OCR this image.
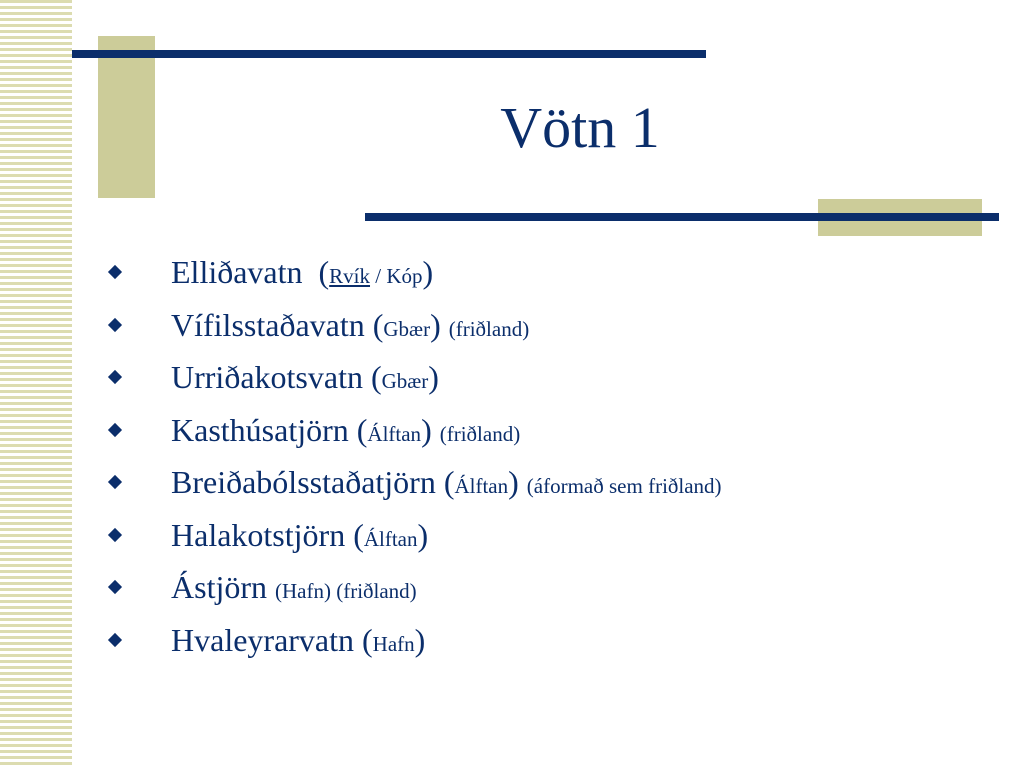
Vötn 1
Elliðavatn  (Rvík / Kóp)
Vífilsstaðavatn (Gbær) (friðland)
Urriðakotsvatn (Gbær)
Kasthúsatjörn (Álftan) (friðland)
Breiðabólsstaðatjörn (Álftan) (áformað sem friðland)
Halakotstjörn (Álftan)
Ástjörn (Hafn) (friðland)
Hvaleyrarvatn (Hafn)
